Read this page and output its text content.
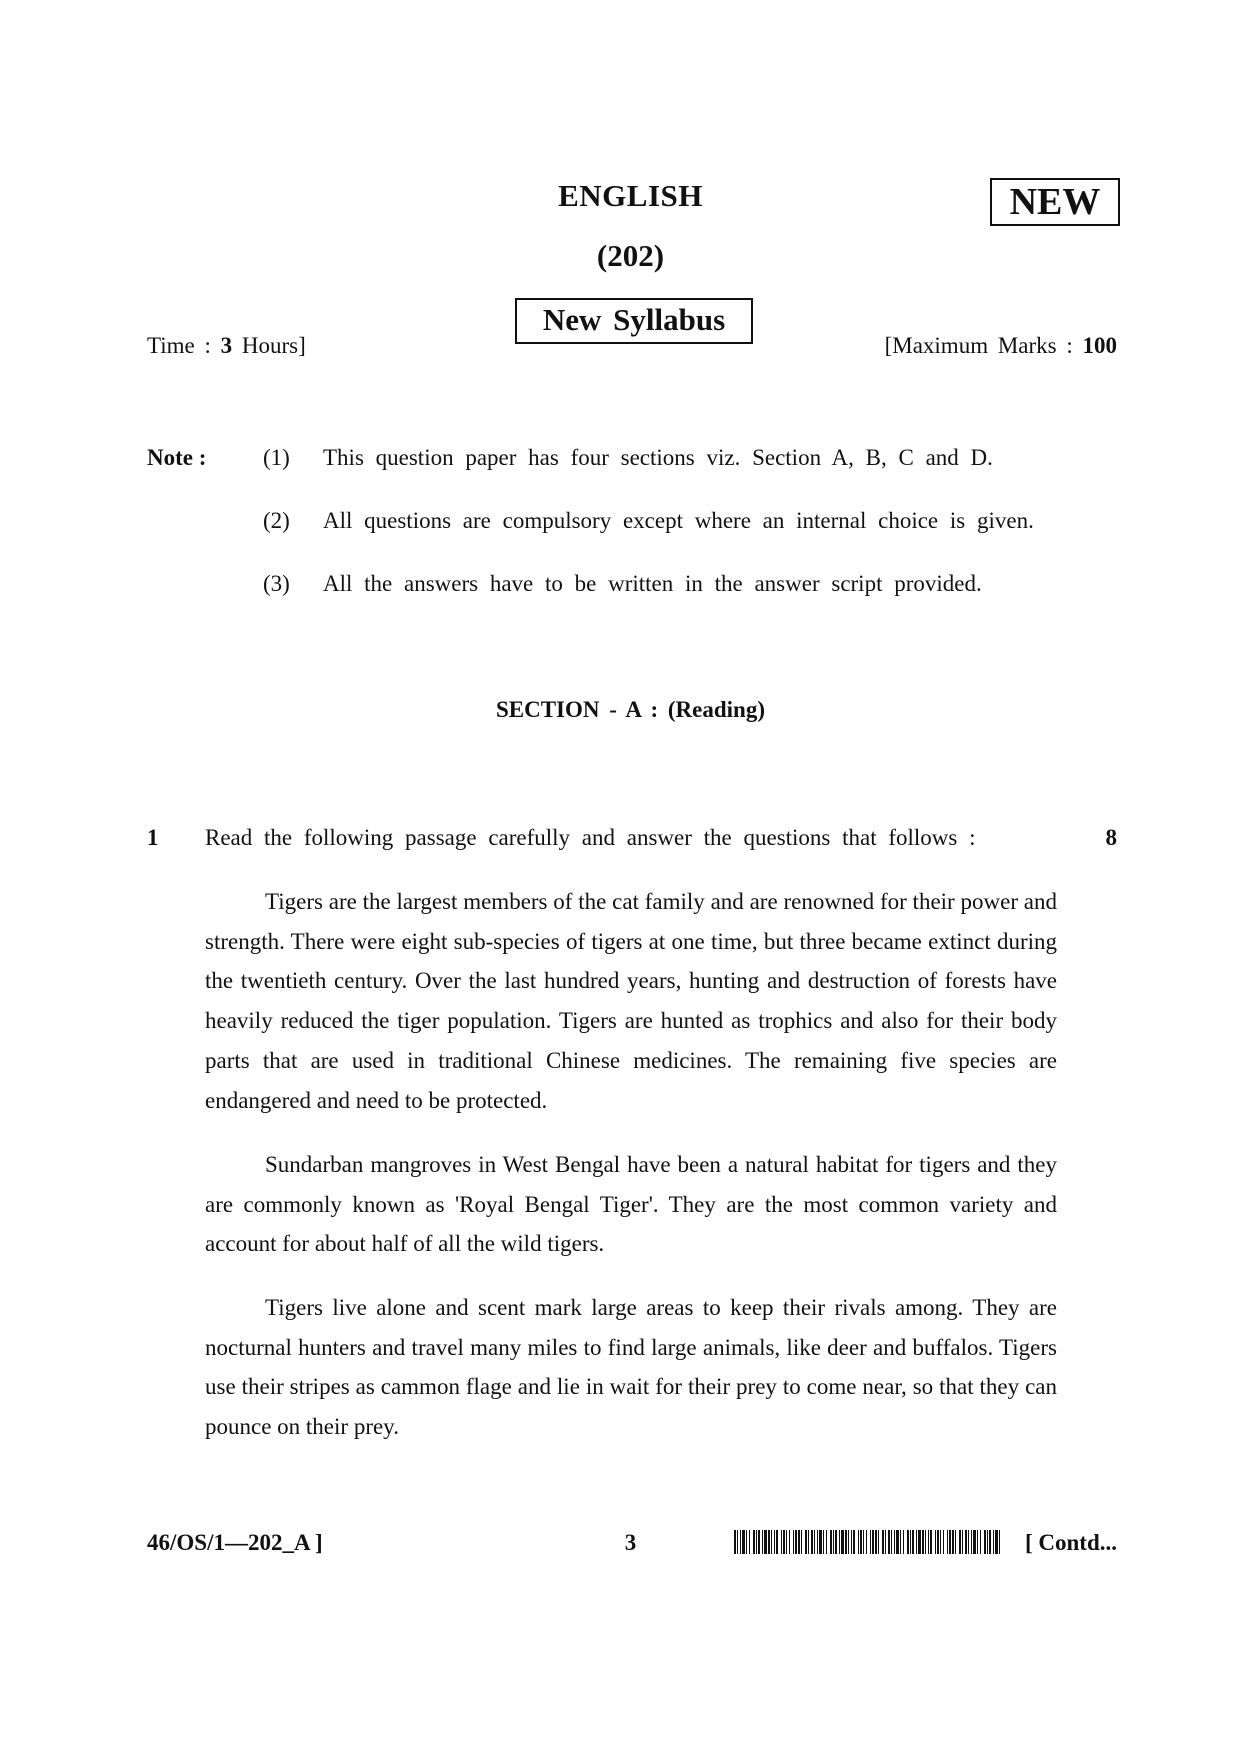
ENGLISH
(202)
NEW
New Syllabus
Time : 3 Hours]	[Maximum Marks : 100
Note : (1) This question paper has four sections viz. Section A, B, C and D.
(2) All questions are compulsory except where an internal choice is given.
(3) All the answers have to be written in the answer script provided.
SECTION - A : (Reading)
1 Read the following passage carefully and answer the questions that follows :	8

Tigers are the largest members of the cat family and are renowned for their power and strength. There were eight sub-species of tigers at one time, but three became extinct during the twentieth century. Over the last hundred years, hunting and destruction of forests have heavily reduced the tiger population. Tigers are hunted as trophics and also for their body parts that are used in traditional Chinese medicines. The remaining five species are endangered and need to be protected.

Sundarban mangroves in West Bengal have been a natural habitat for tigers and they are commonly known as 'Royal Bengal Tiger'. They are the most common variety and account for about half of all the wild tigers.

Tigers live alone and scent mark large areas to keep their rivals among. They are nocturnal hunters and travel many miles to find large animals, like deer and buffalos. Tigers use their stripes as cammon flage and lie in wait for their prey to come near, so that they can pounce on their prey.

46/OS/1—202_A ]	3	[ Contd...
